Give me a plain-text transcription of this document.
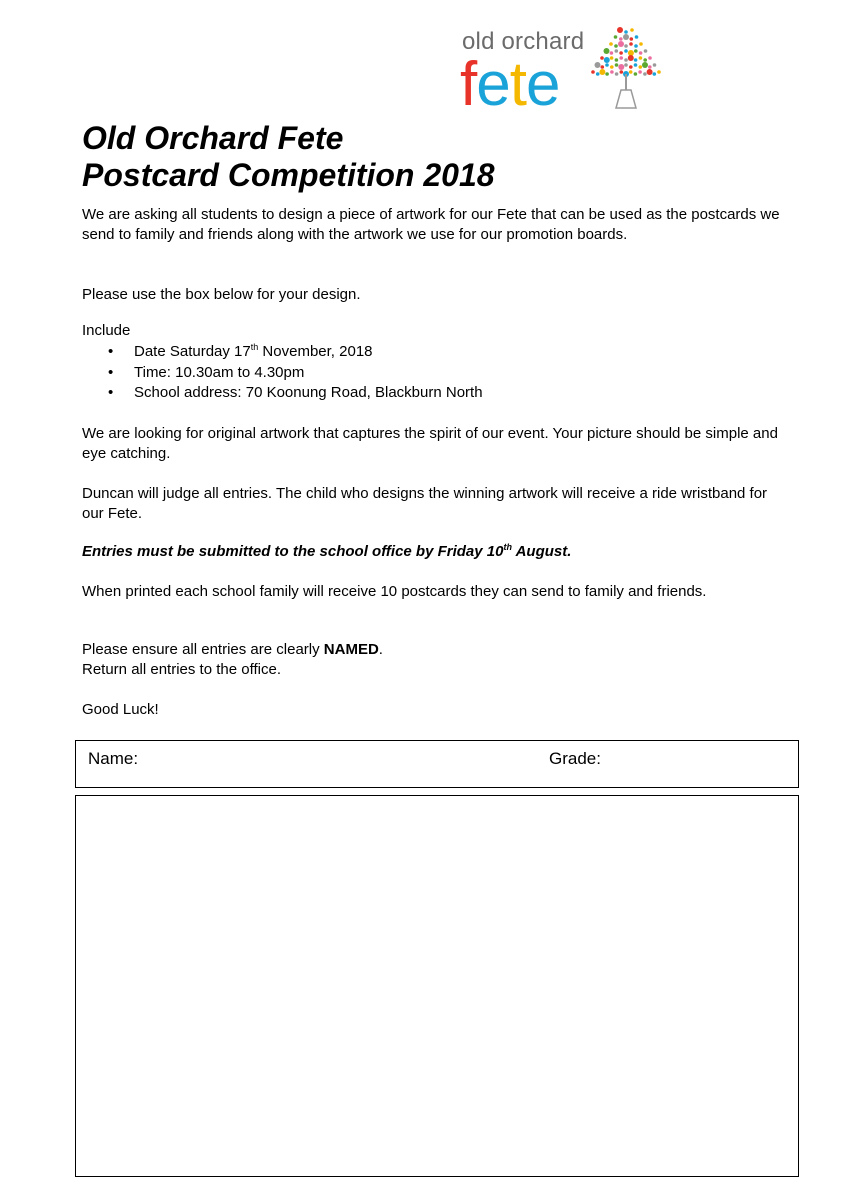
old orchard
fete
Old Orchard Fete
Postcard Competition 2018

We are asking all students to design a piece of artwork for our Fete that can be used as the postcards we send to family and friends along with the artwork we use for our promotion boards.

Please use the box below for your design.

Include

• Date Saturday 17th November, 2018
• Time: 10.30am to 4.30pm
• School address: 70 Koonung Road, Blackburn North

We are looking for original artwork that captures the spirit of our event. Your picture should be simple and eye catching.

Duncan will judge all entries. The child who designs the winning artwork will receive a ride wristband for our Fete.

Entries must be submitted to the school office by Friday 10th August.

When printed each school family will receive 10 postcards they can send to family and friends.

Please ensure all entries are clearly NAMED.
Return all entries to the office.

Good Luck!

Name:	Grade:
